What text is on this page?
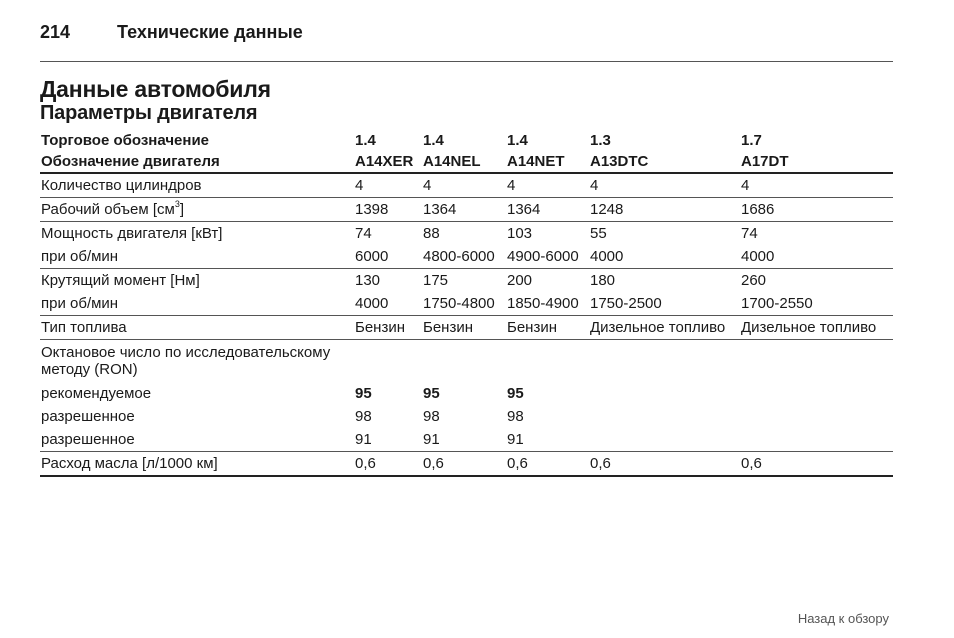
214	Технические данные
Данные автомобиля
Параметры двигателя
Торговое обозначение	1.4	1.4	1.4	1.3	1.7
Обозначение двигателя	A14XER	A14NEL	A14NET	A13DTC	A17DT
Количество цилиндров	4	4	4	4	4
Рабочий объем $[см^3]$	1398	1364	1364	1248	1686
Мощность двигателя [кВт]	74	88	103	55	74
при об/мин	6000	4800-6000	4900-6000	4000	4000
Крутящий момент [Нм]	130	175	200	180	260
при об/мин	4000	1750-4800	1850-4900	1750-2500	1700-2550
Тип топлива	Бензин	Бензин	Бензин	Дизельное топливо	Дизельное топливо
Октановое число по исследовательскому методу (RON)					
рекомендуемое	95	95	95		
разрешенное	98	98	98		
разрешенное	91	91	91		
Расход масла [л/1000 км]	0,6	0,6	0,6	0,6	0,6
Назад к обзору
